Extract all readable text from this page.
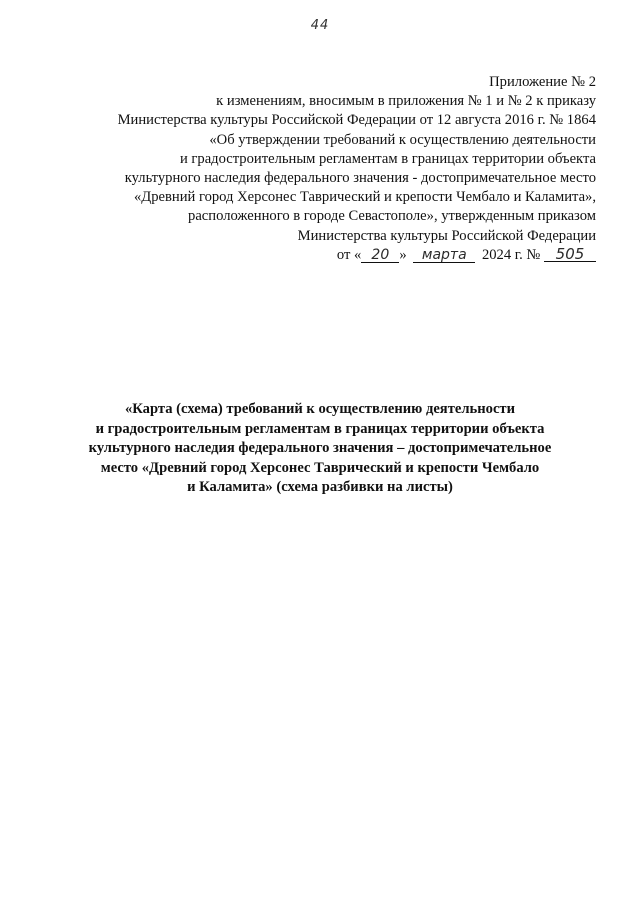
44
Приложение № 2
к изменениям, вносимым в приложения № 1 и № 2 к приказу
Министерства культуры Российской Федерации от 12 августа 2016 г. № 1864
«Об утверждении требований к осуществлению деятельности
и градостроительным регламентам в границах территории объекта
культурного наследия федерального значения - достопримечательное место
«Древний город Херсонес Таврический и крепости Чембало и Каламита»,
расположенного в городе Севастополе», утвержденным приказом
Министерства культуры Российской Федерации
от « 20 » марта 2024 г. № 505
«Карта (схема) требований к осуществлению деятельности
и градостроительным регламентам в границах территории объекта
культурного наследия федерального значения – достопримечательное
место «Древний город Херсонес Таврический и крепости Чембало
и Каламита» (схема разбивки на листы)
